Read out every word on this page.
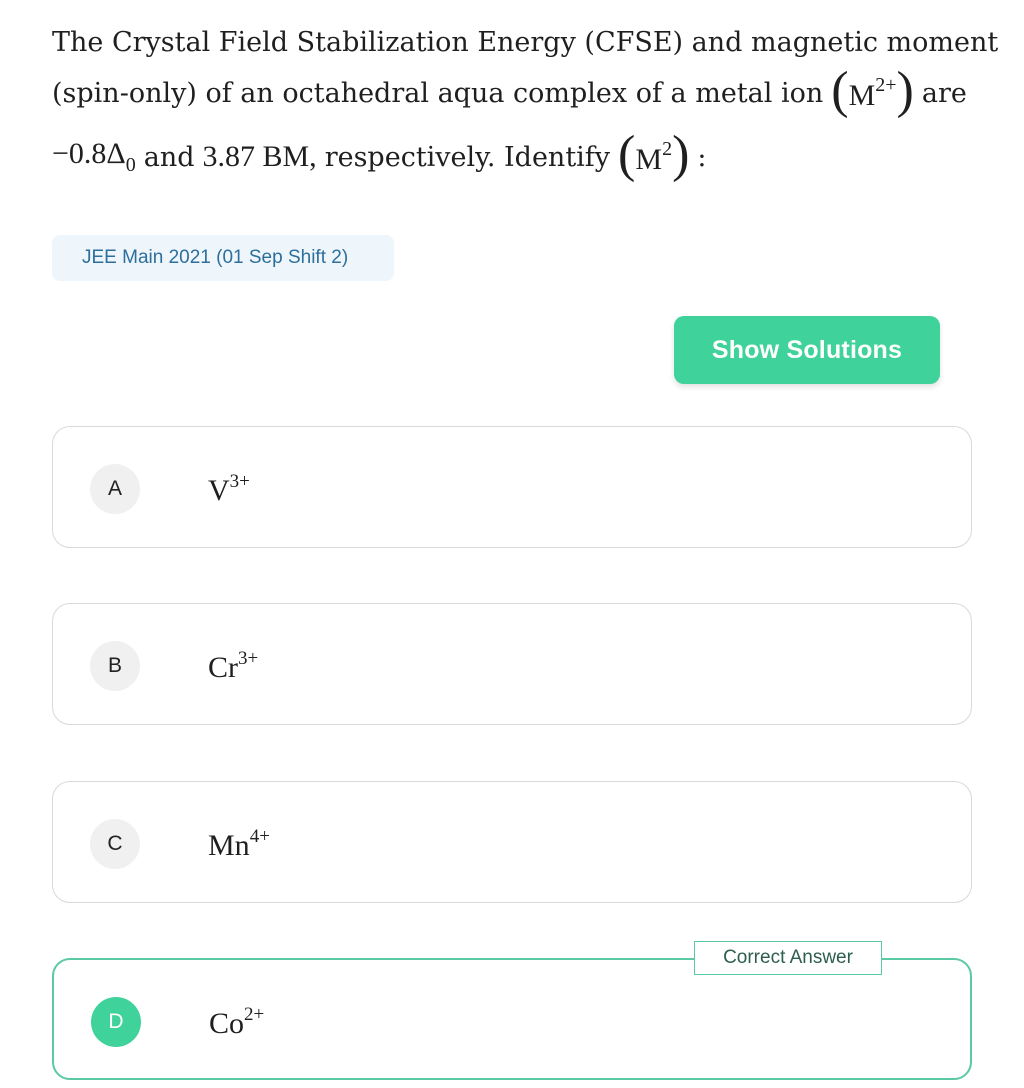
The Crystal Field Stabilization Energy (CFSE) and magnetic moment
(spin-only) of an octahedral aqua complex of a metal ion ( $M^{2+}$ ) are
$-0.8\Delta_0$ and 3.87 BM, respectively. Identify ( $M^2$ ) :
JEE Main 2021 (01 Sep Shift 2)
Show Solutions
A	$V^{3+}$
B	$Cr^{3+}$
C	$Mn^{4+}$
D	$Co^{2+}$
Correct Answer
